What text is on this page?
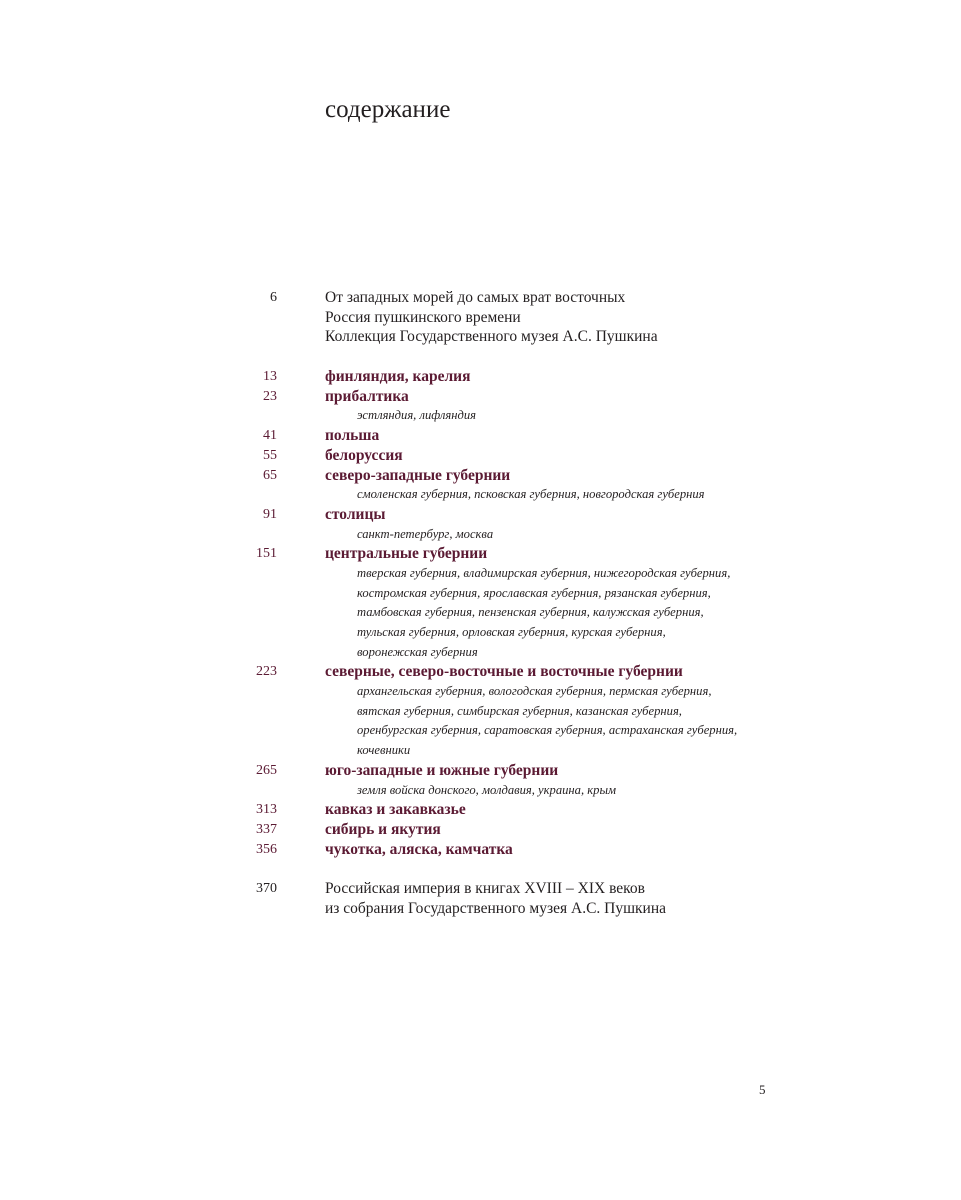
содержание
6	От западных морей до самых врат восточных
Россия пушкинского времени
Коллекция Государственного музея А.С. Пушкина
13	финляндия, карелия
23	прибалтика
эстляндия, лифляндия
41	польша
55	белоруссия
65	северо-западные губернии
смоленская губерния, псковская губерния, новгородская губерния
91	столицы
санкт-петербург, москва
151	центральные губернии
тверская губерния, владимирская губерния, нижегородская губерния,
костромская губерния, ярославская губерния, рязанская губерния,
тамбовская губерния, пензенская губерния, калужская губерния,
тульская губерния, орловская губерния, курская губерния,
воронежская губерния
223	северные, северо-восточные и восточные губернии
архангельская губерния, вологодская губерния, пермская губерния,
вятская губерния, симбирская губерния, казанская губерния,
оренбургская губерния, саратовская губерния, астраханская губерния,
кочевники
265	юго-западные и южные губернии
земля войска донского, молдавия, украина, крым
313	кавказ и закавказье
337	сибирь и якутия
356	чукотка, аляска, камчатка
370	Российская империя в книгах XVIII – XIX веков
из собрания Государственного музея А.С. Пушкина
5
